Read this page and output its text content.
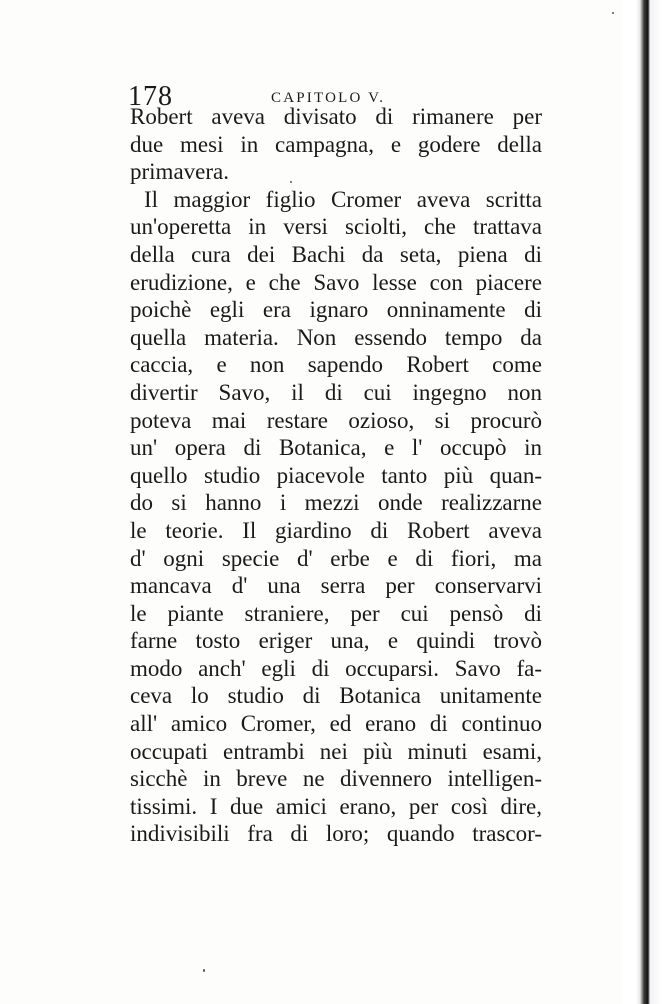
178	CAPITOLO V.
Robert aveva divisato di rimanere per
due mesi in campagna, e godere della
primavera.
Il maggior figlio Cromer aveva scritta
un'operetta in versi sciolti, che trattava
della cura dei Bachi da seta, piena di
erudizione, e che Savo lesse con piacere
poichè egli era ignaro onninamente di
quella materia. Non essendo tempo da
caccia, e non sapendo Robert come
divertir Savo, il di cui ingegno non
poteva mai restare ozioso, si procurò
un' opera di Botanica, e l' occupò in
quello studio piacevole tanto più quan-
do si hanno i mezzi onde realizzarne
le teorie. Il giardino di Robert aveva
d' ogni specie d' erbe e di fiori, ma
mancava d' una serra per conservarvi
le piante straniere, per cui pensò di
farne tosto eriger una, e quindi trovò
modo anch' egli di occuparsi. Savo fa-
ceva lo studio di Botanica unitamente
all' amico Cromer, ed erano di continuo
occupati entrambi nei più minuti esami,
sicchè in breve ne divennero intelligen-
tissimi. I due amici erano, per così dire,
indivisibili fra di loro; quando trascor-
